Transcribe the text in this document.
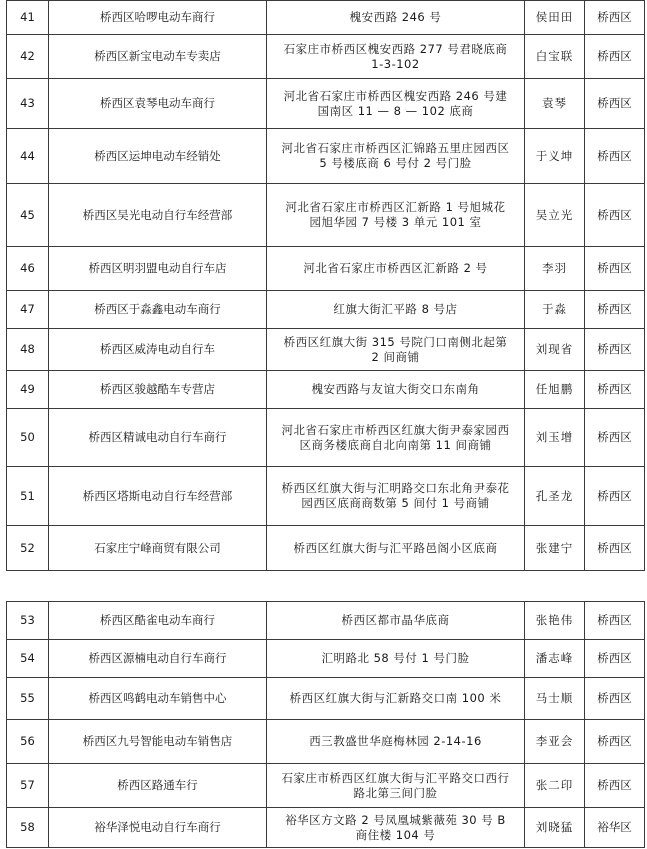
41	桥西区哈啰电动车商行	槐安西路 246 号	侯田田	桥西区
42	桥西区新宝电动车专卖店	石家庄市桥西区槐安西路 277 号君晓底商 1-3-102	白宝联	桥西区
43	桥西区袁琴电动车商行	河北省石家庄市桥西区槐安西路 246 号建国南区 11 — 8 — 102 底商	袁琴	桥西区
44	桥西区运坤电动车经销处	河北省石家庄市桥西区汇锦路五里庄园西区 5 号楼底商 6 号付 2 号门脸	于义坤	桥西区
45	桥西区吴光电动自行车经营部	河北省石家庄市桥西区汇新路 1 号旭城花园旭华园 7 号楼 3 单元 101 室	吴立光	桥西区
46	桥西区明羽盟电动自行车店	河北省石家庄市桥西区汇新路 2 号	李羽	桥西区
47	桥西区于淼鑫电动车商行	红旗大街汇平路 8 号店	于淼	桥西区
48	桥西区威涛电动自行车	桥西区红旗大街 315 号院门口南侧北起第 2 间商铺	刘现省	桥西区
49	桥西区骏越酷车专营店	槐安西路与友谊大街交口东南角	任旭鹏	桥西区
50	桥西区精诚电动自行车商行	河北省石家庄市桥西区红旗大街尹泰家园西区商务楼底商自北向南第 11 间商铺	刘玉增	桥西区
51	桥西区塔斯电动自行车经营部	桥西区红旗大街与汇明路交口东北角尹泰花园西区底商商数第 5 间付 1 号商铺	孔圣龙	桥西区
52	石家庄宁峰商贸有限公司	桥西区红旗大街与汇平路邑阁小区底商	张建宁	桥西区
53	桥西区酷雀电动车商行	桥西区都市晶华底商	张艳伟	桥西区
54	桥西区源楠电动自行车商行	汇明路北 58 号付 1 号门脸	潘志峰	桥西区
55	桥西区鸣鹤电动车销售中心	桥西区红旗大街与汇新路交口南 100 米	马士顺	桥西区
56	桥西区九号智能电动车销售店	西三教盛世华庭梅林园 2-14-16	李亚会	桥西区
57	桥西区路通车行	石家庄市桥西区红旗大街与汇平路交口西行路北第三间门脸	张二印	桥西区
58	裕华泽悦电动自行车商行	裕华区方文路 2 号凤凰城紫薇苑 30 号 B 商住楼 104 号	刘晓猛	裕华区
